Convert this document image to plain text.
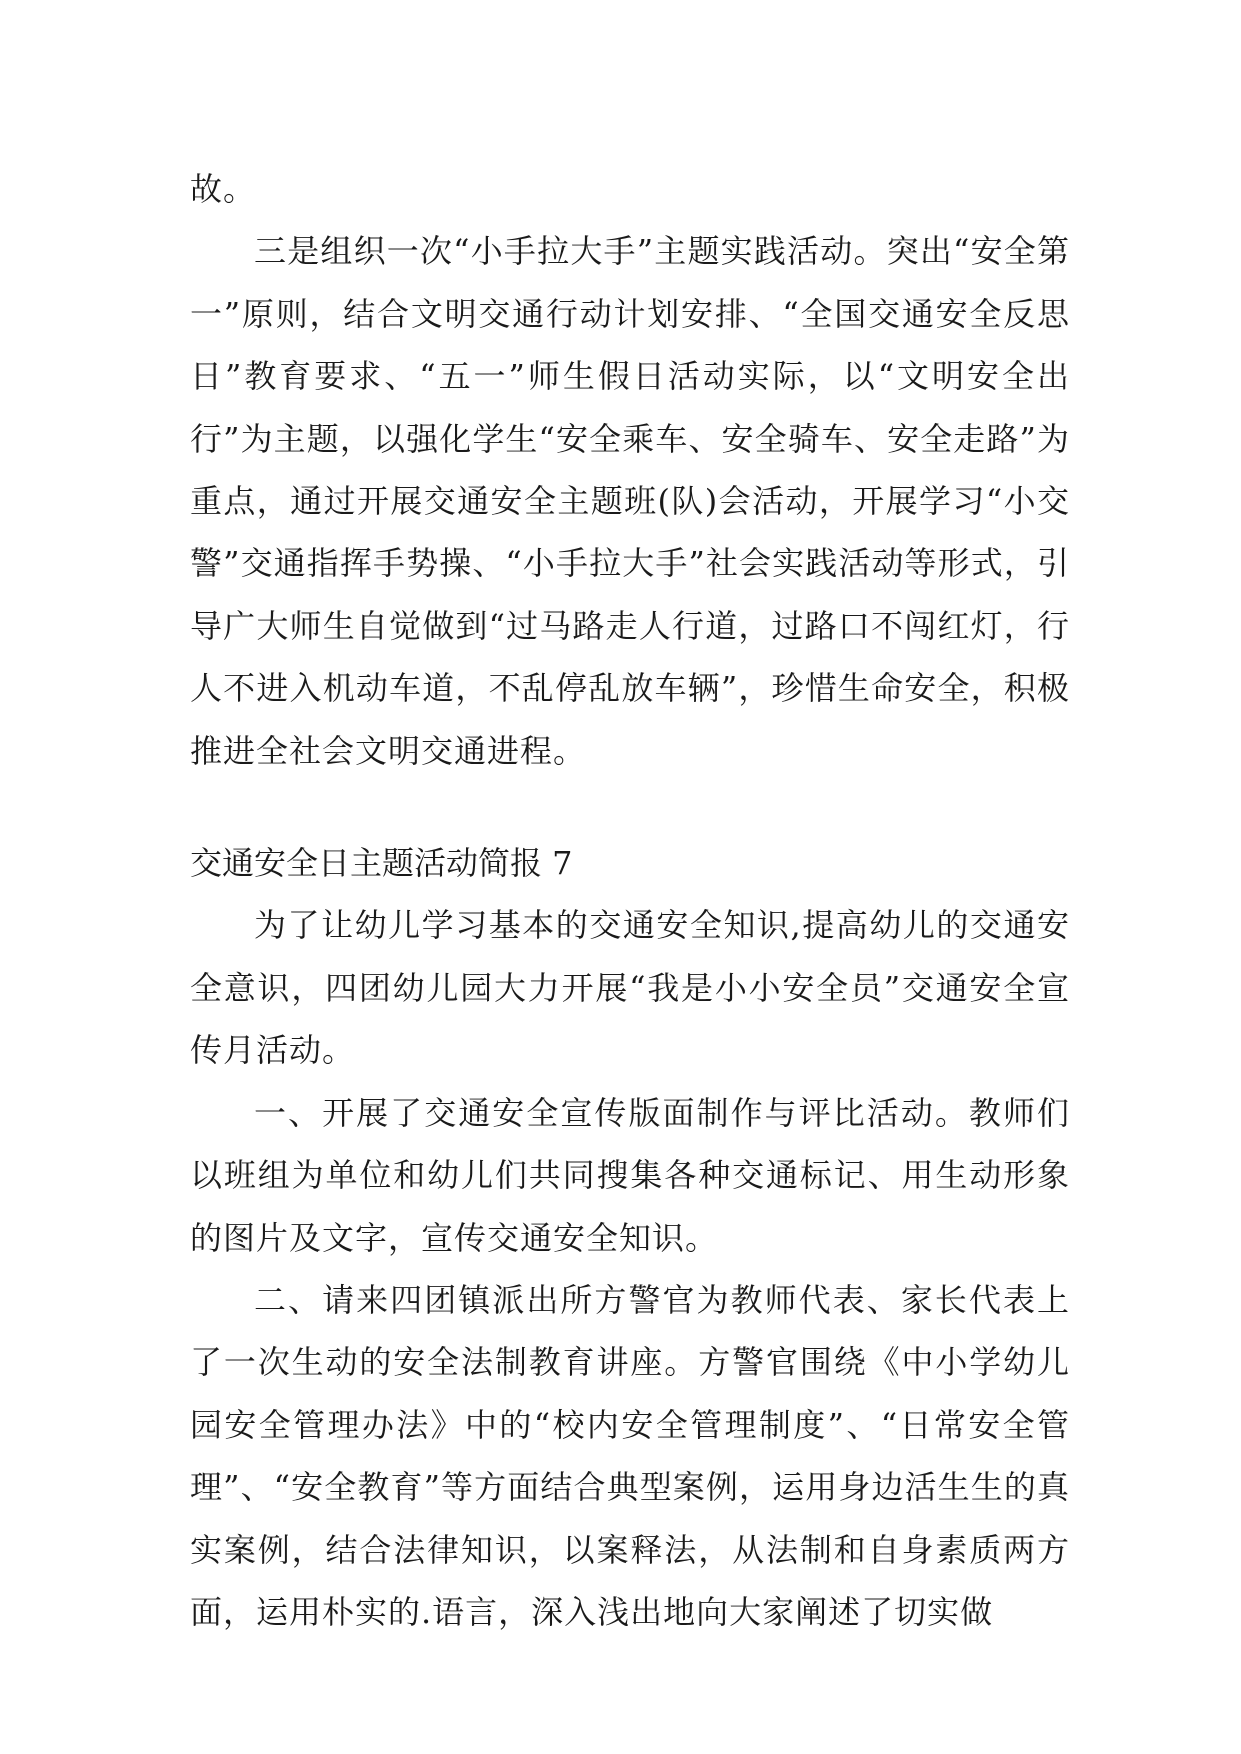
故。

三是组织一次“小手拉大手”主题实践活动。突出“安全第一”原则，结合文明交通行动计划安排、“全国交通安全反思日”教育要求、“五一”师生假日活动实际，以“文明安全出行”为主题，以强化学生“安全乘车、安全骑车、安全走路”为重点，通过开展交通安全主题班(队)会活动，开展学习“小交警”交通指挥手势操、“小手拉大手”社会实践活动等形式，引导广大师生自觉做到“过马路走人行道，过路口不闯红灯，行人不进入机动车道，不乱停乱放车辆”，珍惜生命安全，积极推进全社会文明交通进程。

交通安全日主题活动简报 7

为了让幼儿学习基本的交通安全知识,提高幼儿的交通安全意识，四团幼儿园大力开展“我是小小安全员”交通安全宣传月活动。

一、开展了交通安全宣传版面制作与评比活动。教师们以班组为单位和幼儿们共同搜集各种交通标记、用生动形象的图片及文字，宣传交通安全知识。

二、请来四团镇派出所方警官为教师代表、家长代表上了一次生动的安全法制教育讲座。方警官围绕《中小学幼儿园安全管理办法》中的“校内安全管理制度”、“日常安全管理”、“安全教育”等方面结合典型案例，运用身边活生生的真实案例，结合法律知识，以案释法，从法制和自身素质两方面，运用朴实的.语言，深入浅出地向大家阐述了切实做
